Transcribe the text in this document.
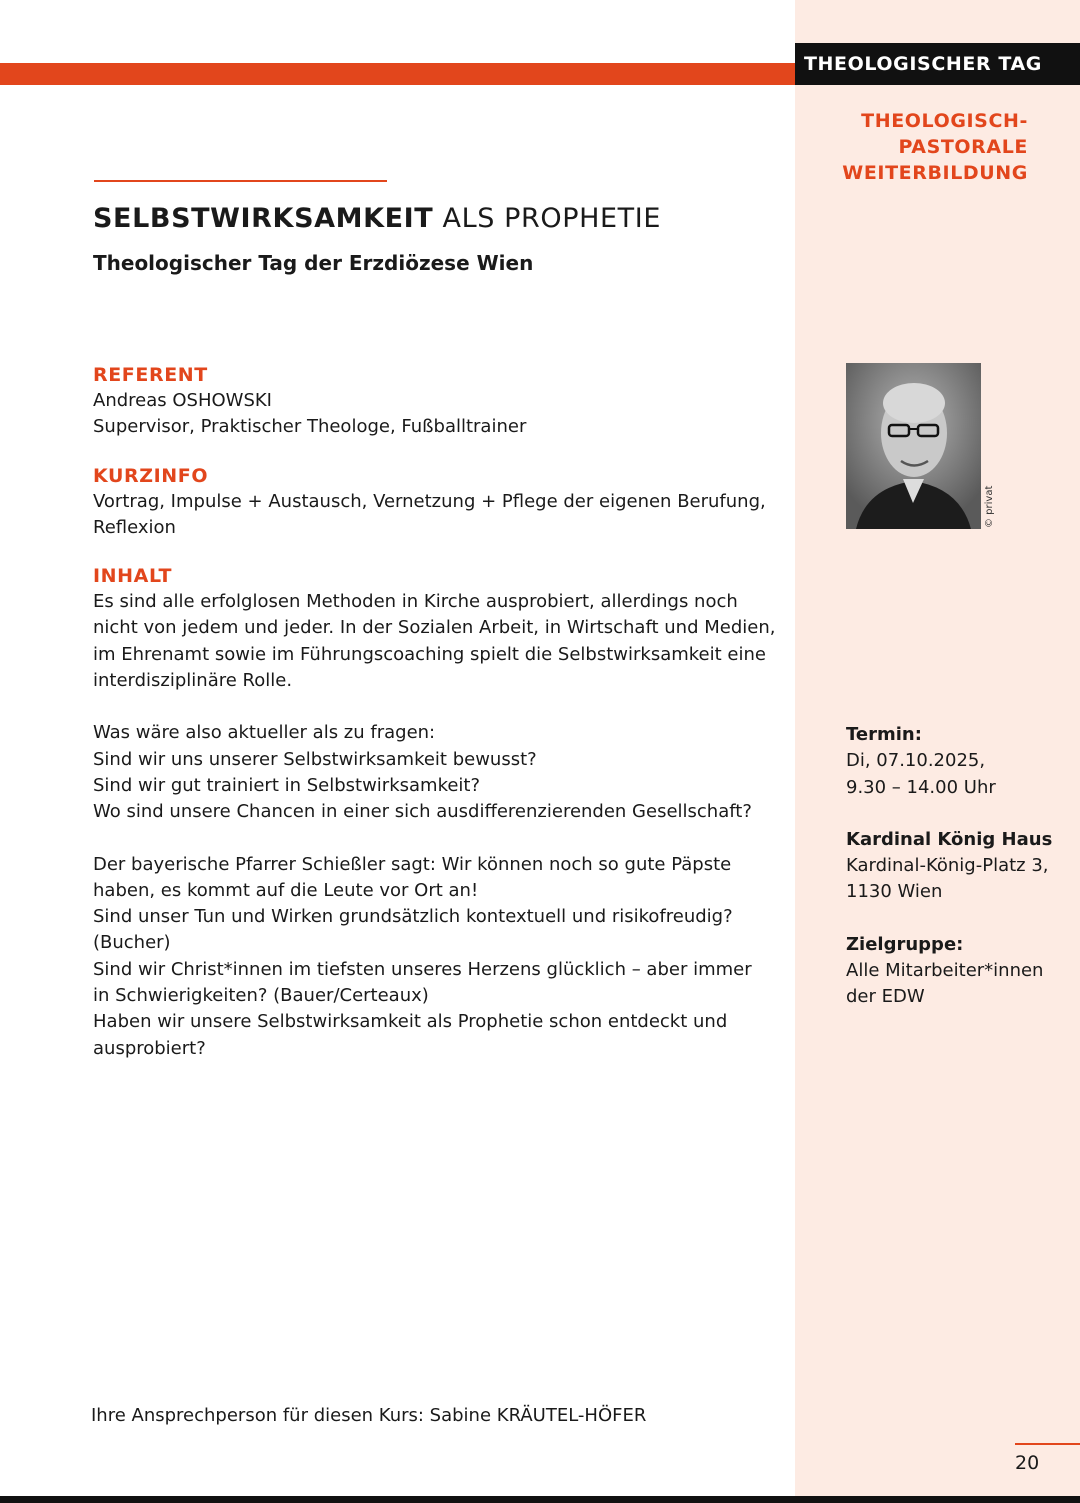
THEOLOGISCHER TAG
THEOLOGISCH-
PASTORALE
WEITERBILDUNG
SELBSTWIRKSAMKEIT ALS PROPHETIE
Theologischer Tag der Erzdiözese Wien
REFERENT
Andreas OSHOWSKI
Supervisor, Praktischer Theologe, Fußballtrainer
KURZINFO
Vortrag, Impulse + Austausch, Vernetzung + Pflege der eigenen Berufung,
Reflexion
INHALT
Es sind alle erfolglosen Methoden in Kirche ausprobiert, allerdings noch
nicht von jedem und jeder. In der Sozialen Arbeit, in Wirtschaft und Medien,
im Ehrenamt sowie im Führungscoaching spielt die Selbstwirksamkeit eine
interdisziplinäre Rolle.
Was wäre also aktueller als zu fragen:
Sind wir uns unserer Selbstwirksamkeit bewusst?
Sind wir gut trainiert in Selbstwirksamkeit?
Wo sind unsere Chancen in einer sich ausdifferenzierenden Gesellschaft?
Der bayerische Pfarrer Schießler sagt: Wir können noch so gute Päpste
haben, es kommt auf die Leute vor Ort an!
Sind unser Tun und Wirken grundsätzlich kontextuell und risikofreudig?
(Bucher)
Sind wir Christ*innen im tiefsten unseres Herzens glücklich – aber immer
in Schwierigkeiten? (Bauer/Certeaux)
Haben wir unsere Selbstwirksamkeit als Prophetie schon entdeckt und
ausprobiert?
© privat
Termin:
Di, 07.10.2025,
9.30 – 14.00 Uhr
Kardinal König Haus
Kardinal-König-Platz 3,
1130 Wien
Zielgruppe:
Alle Mitarbeiter*innen
der EDW
Ihre Ansprechperson für diesen Kurs: Sabine KRÄUTEL-HÖFER
20
